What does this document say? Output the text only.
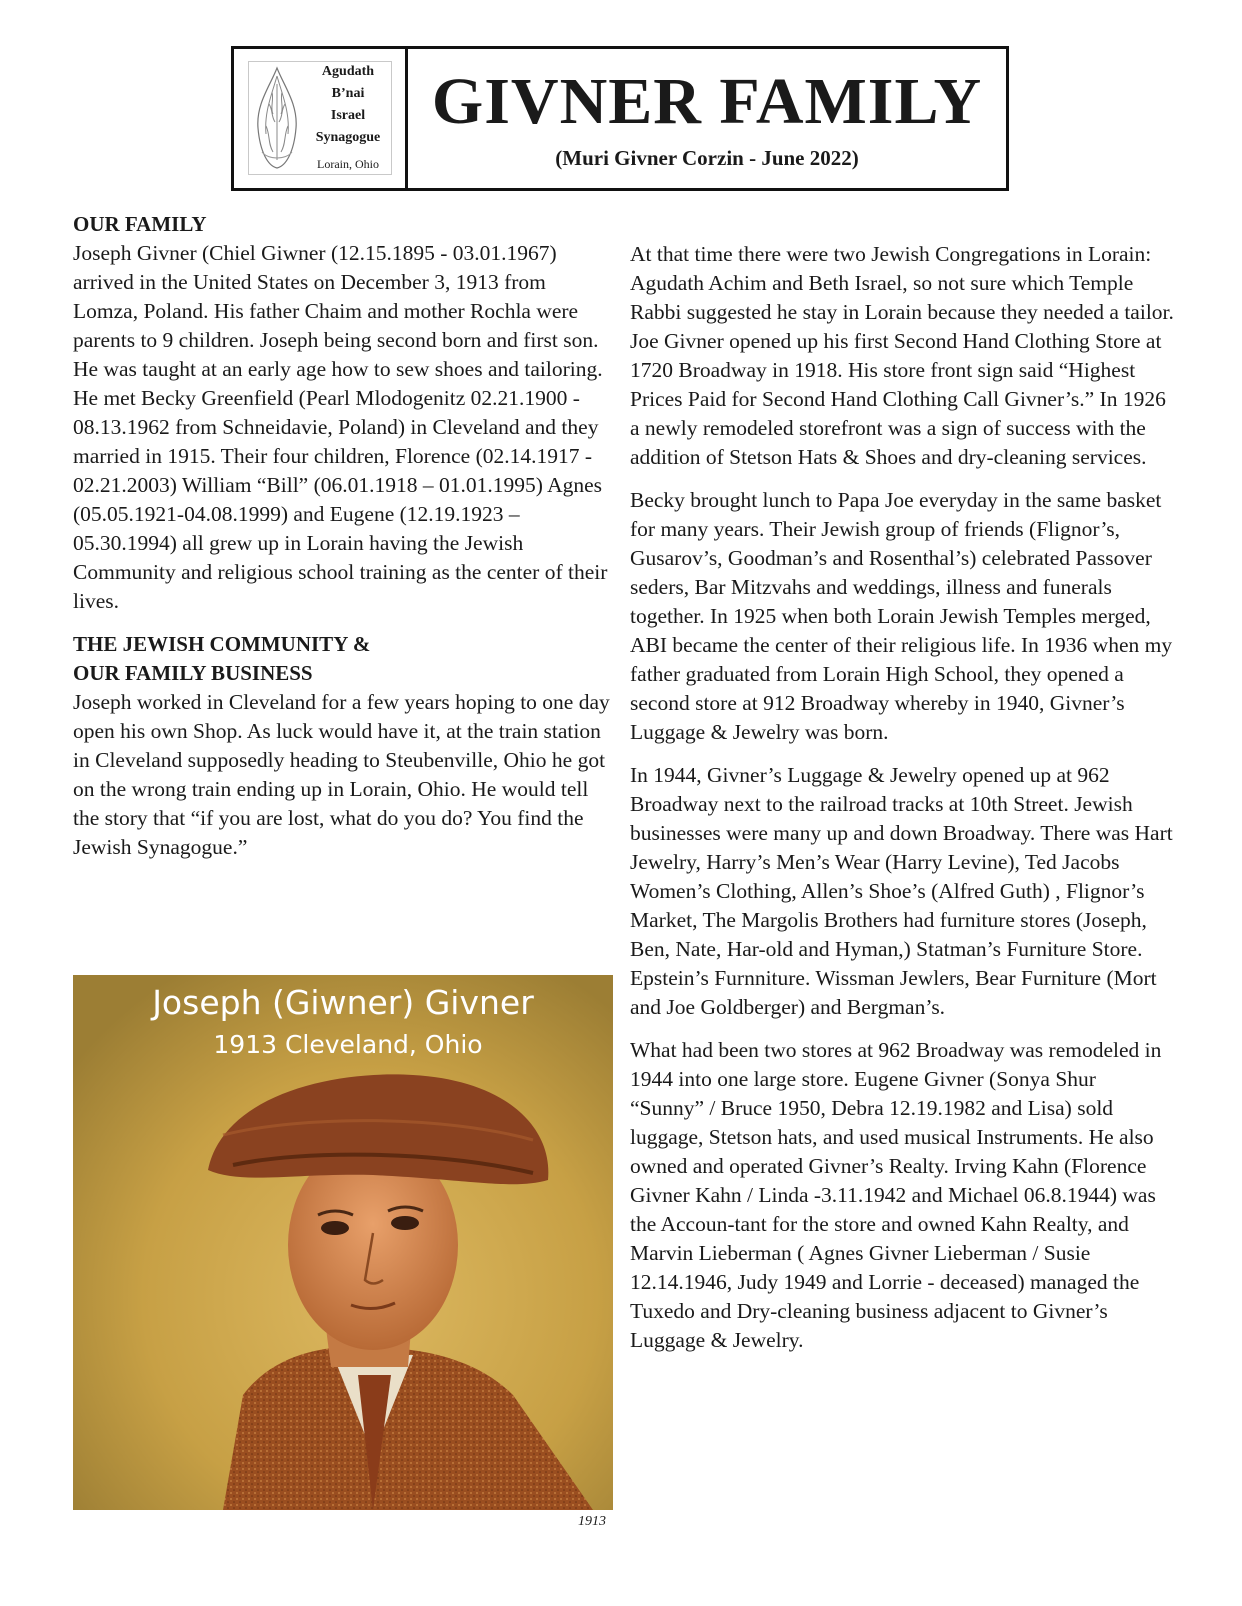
Agudath
B’nai
Israel
Synagogue
Lorain, Ohio
GIVNER FAMILY
(Muri Givner Corzin - June 2022)
OUR FAMILY

Joseph Givner (Chiel Giwner (12.15.1895 - 03.01.1967) arrived in the United States on December 3, 1913 from Lomza, Poland. His father Chaim and mother Rochla were parents to 9 children. Joseph being second born and first son. He was taught at an early age how to sew shoes and tailoring. He met Becky Greenfield (Pearl Mlodogenitz 02.21.1900 - 08.13.1962 from Schneidavie, Poland) in Cleveland and they married in 1915. Their four children, Florence (02.14.1917 - 02.21.2003) William “Bill” (06.01.1918 – 01.01.1995) Agnes (05.05.1921-04.08.1999) and Eugene (12.19.1923 – 05.30.1994) all grew up in Lorain having the Jewish Community and religious school training as the center of their lives.

THE JEWISH COMMUNITY &
OUR FAMILY BUSINESS

Joseph worked in Cleveland for a few years hoping to one day open his own Shop. As luck would have it, at the train station in Cleveland supposedly heading to Steubenville, Ohio he got on the wrong train ending up in Lorain, Ohio. He would tell the story that “if you are lost, what do you do? You find the Jewish Synagogue.”

Joseph (Giwner) Givner
1913 Cleveland, Ohio
1913

At that time there were two Jewish Congregations in Lorain: Agudath Achim and Beth Israel, so not sure which Temple Rabbi suggested he stay in Lorain because they needed a tailor. Joe Givner opened up his first Second Hand Clothing Store at 1720 Broadway in 1918. His store front sign said “Highest Prices Paid for Second Hand Clothing Call Givner’s.” In 1926 a newly remodeled storefront was a sign of success with the addition of Stetson Hats & Shoes and dry-cleaning services.

Becky brought lunch to Papa Joe everyday in the same basket for many years. Their Jewish group of friends (Flignor’s, Gusarov’s, Goodman’s and Rosenthal’s) celebrated Passover seders, Bar Mitzvahs and weddings, illness and funerals together. In 1925 when both Lorain Jewish Temples merged, ABI became the center of their religious life. In 1936 when my father graduated from Lorain High School, they opened a second store at 912 Broadway whereby in 1940, Givner’s Luggage & Jewelry was born.

In 1944, Givner’s Luggage & Jewelry opened up at 962 Broadway next to the railroad tracks at 10th Street. Jewish businesses were many up and down Broadway. There was Hart Jewelry, Harry’s Men’s Wear (Harry Levine), Ted Jacobs Women’s Clothing, Allen’s Shoe’s (Alfred Guth) , Flignor’s Market, The Margolis Brothers had furniture stores (Joseph, Ben, Nate, Har-old and Hyman,) Statman’s Furniture Store. Epstein’s Furnniture. Wissman Jewlers, Bear Furniture (Mort and Joe Goldberger) and Bergman’s.

What had been two stores at 962 Broadway was remodeled in 1944 into one large store. Eugene Givner (Sonya Shur “Sunny” / Bruce 1950, Debra 12.19.1982 and Lisa) sold luggage, Stetson hats, and used musical Instruments. He also owned and operated Givner’s Realty. Irving Kahn (Florence Givner Kahn / Linda -3.11.1942 and Michael 06.8.1944) was the Accoun-tant for the store and owned Kahn Realty, and Marvin Lieberman ( Agnes Givner Lieberman / Susie 12.14.1946, Judy 1949 and Lorrie - deceased) managed the Tuxedo and Dry-cleaning business adjacent to Givner’s Luggage & Jewelry.
